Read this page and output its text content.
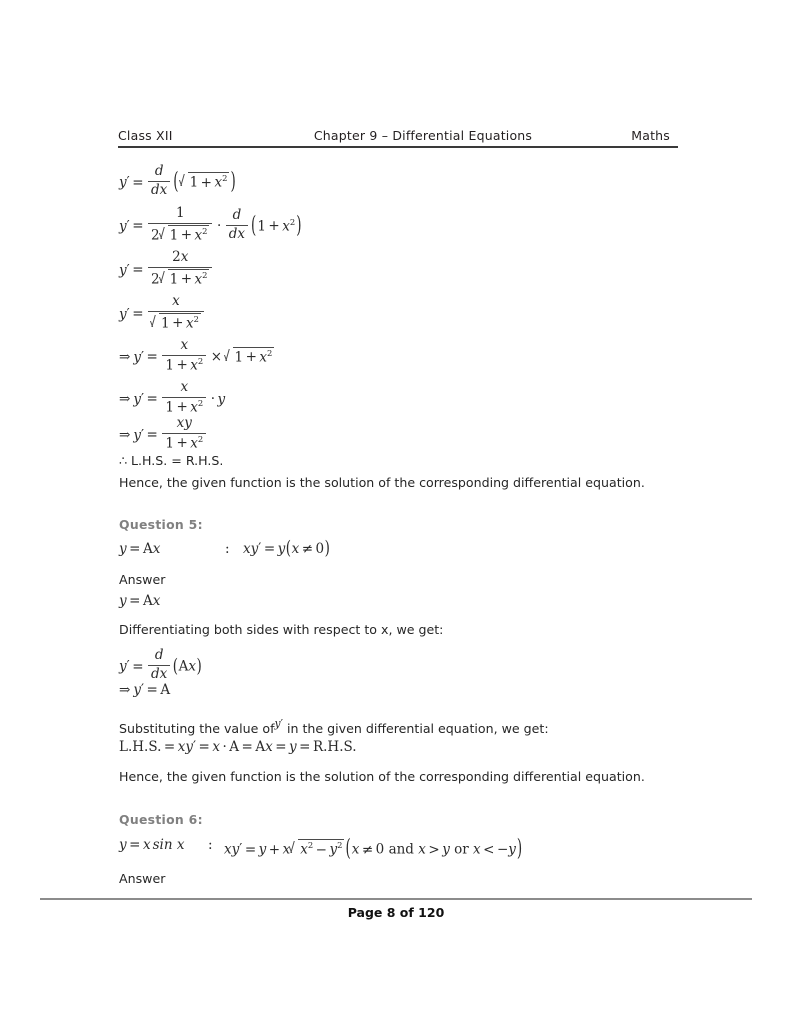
Class XII	Chapter 9 – Differential Equations	Maths
$y' = \frac{d}{dx}$ ( $1 + x^2$ )
$y' = \frac{1}{2 1 + x^2} \cdot \frac{d}{dx} (1 + x^2)$
$y' = \frac{2x}{2 1 + x^2}$
$y' = \frac{x}{1 + x^2}$
⇒ $y' = \frac{x}{1 + x^2} \times 1 + x^2$
⇒ $y' = \frac{x}{1 + x^2} \cdot y$
⇒ $y' = \frac{xy}{1 + x^2}$
∴ L.H.S. = R.H.S.
Hence, the given function is the solution of the corresponding differential equation.
Question 5:
y = Ax	: xy′ = y(x ≠ 0)
Answer
y = Ax
Differentiating both sides with respect to x, we get:
$y' = \frac{d}{dx} (Ax)$
⇒ y′ = A
Substituting the value ofy′ in the given differential equation, we get:
L.H.S. = xy′ = x · A = Ax = y = R.H.S.
Hence, the given function is the solution of the corresponding differential equation.
Question 6:
y = x sin x : xy′ = y + x $x^2 - y^2$ (x ≠ 0 and x > y or x < −y)
Answer
Page 8 of 120
